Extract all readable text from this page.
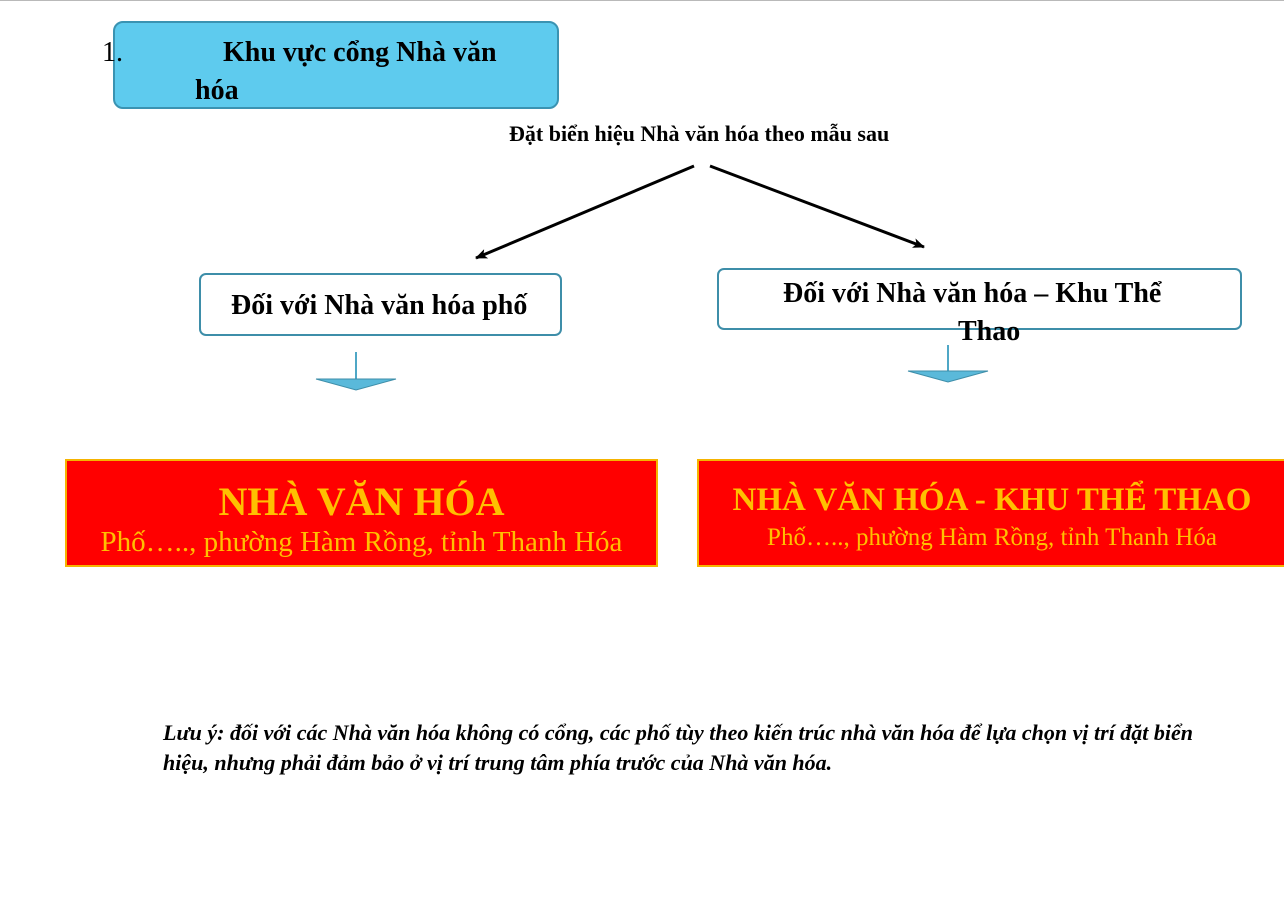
1.	Khu vực cổng Nhà văn
hóa
Đặt biển hiệu Nhà văn hóa theo mẫu sau
Đối với Nhà văn hóa phố	Đối với Nhà văn hóa – Khu Thể
Thao
NHÀ VĂN HÓA
Phố….., phường Hàm Rồng, tỉnh Thanh Hóa
NHÀ VĂN HÓA - KHU THỂ THAO
Phố….., phường Hàm Rồng, tỉnh Thanh Hóa
Lưu ý: đối với các Nhà văn hóa không có cổng, các phố tùy theo kiến trúc nhà văn hóa để lựa chọn vị trí đặt biển hiệu, nhưng phải đảm bảo ở vị trí trung tâm phía trước của Nhà văn hóa.
